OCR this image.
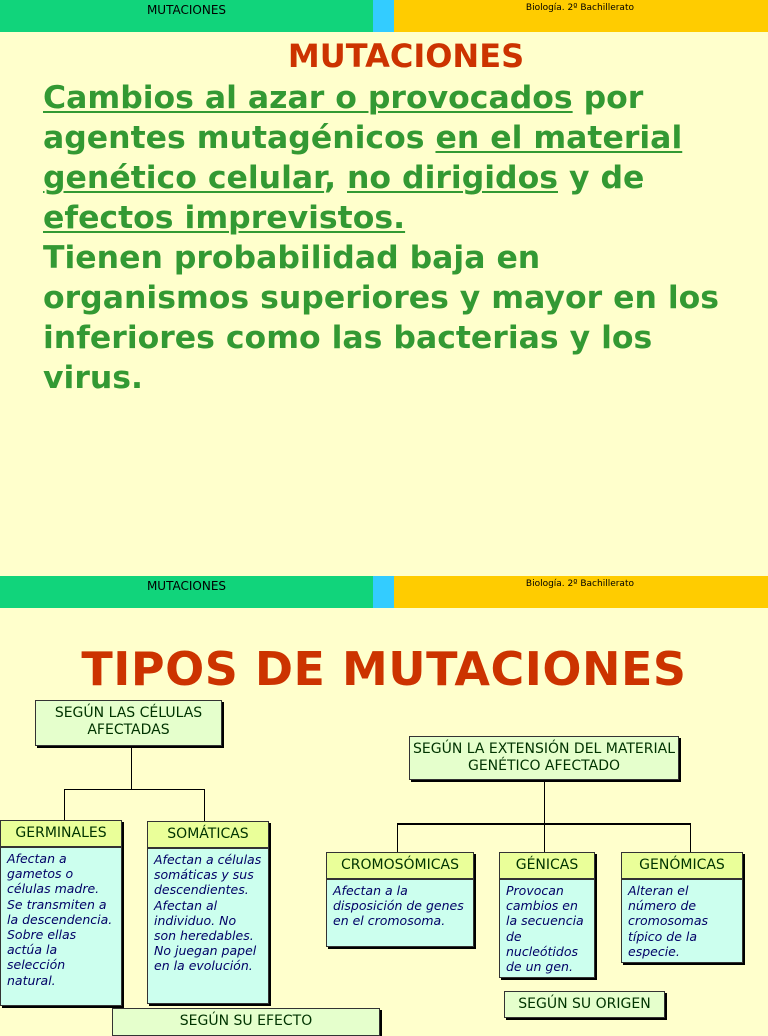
MUTACIONES	Biología. 2º Bachillerato
MUTACIONES
Cambios al azar o provocados por agentes mutagénicos en el material genético celular, no dirigidos y de efectos imprevistos.
Tienen probabilidad baja en organismos superiores y mayor en los inferiores como las bacterias y los virus.
MUTACIONES	Biología. 2º Bachillerato
TIPOS DE MUTACIONES
SEGÚN LAS CÉLULAS AFECTADAS
GERMINALES
Afectan a gametos o células madre. Se transmiten a la descendencia. Sobre ellas actúa la selección natural.
SOMÁTICAS
Afectan a células somáticas y sus descendientes. Afectan al individuo. No son heredables. No juegan papel en la evolución.
SEGÚN LA EXTENSIÓN DEL MATERIAL GENÉTICO AFECTADO
CROMOSÓMICAS
Afectan a la disposición de genes en el cromosoma.
GÉNICAS
Provocan cambios en la secuencia de nucleótidos de un gen.
GENÓMICAS
Alteran el número de cromosomas típico de la especie.
SEGÚN SU ORIGEN
SEGÚN SU EFECTO
